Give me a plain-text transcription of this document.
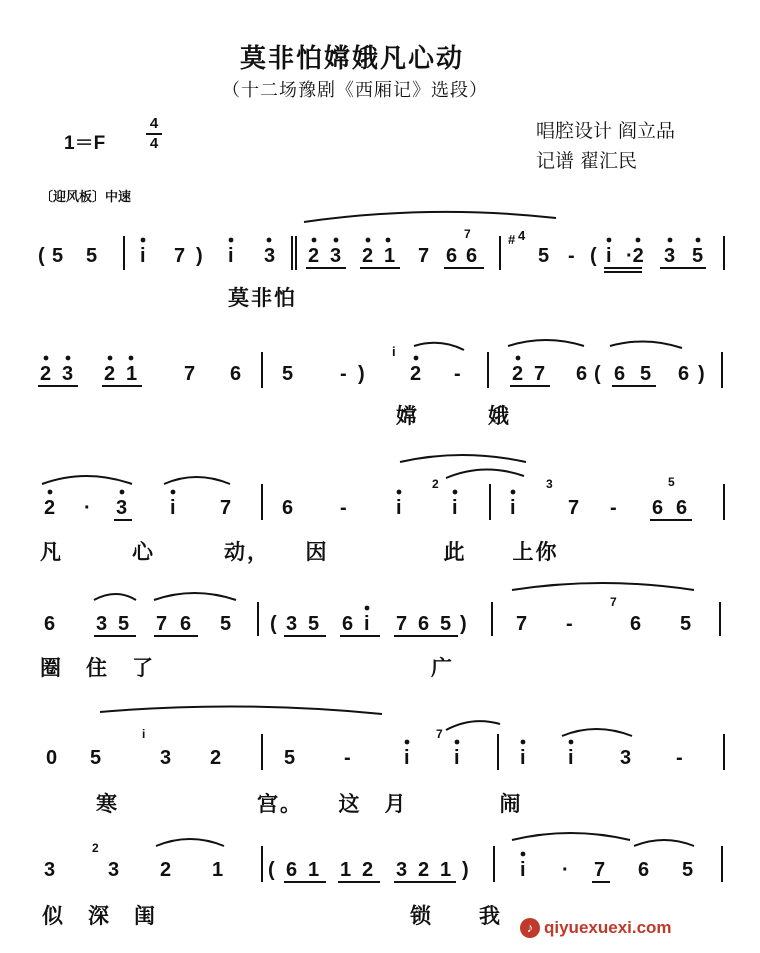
莫非怕嫦娥凡心动
（十二场豫剧《西厢记》选段）
1＝F
4
4
唱腔设计 阎立品
记谱 翟汇民
〔迎风板〕中速
( 5 5 i 7 ) i 3 2 3 2 1 7 6 6	5 - ( i ·2 3 5
# 4
7
2 3 2 1 7 6 5 - ) 2 -	2 7 6 ( 6 5 6 )
i
2 · 3 i 7	6 - i	i	i	7 - 6 6
2	3	5
6 3 5 7 6 5 ( 3 5 6 i 7 6 5 ) 7 -	6 5
7
0 5	3 2	5 -	i i	i i 3 -
i	7
3	3 2 1 ( 6 1 1 2 3 2 1 )	i · 7 6 5
2
莫非怕
嫦　　　娥
凡　　　心　　　动，　　因　　　　　此　　上你
圈　住　了　　　　　　　　　　　　广
寒　　　　　　宫。　　这　月　　　　闹
似　深　闺　　　　　　　　　　　锁　　我	♪ qiyuexuexi.com
